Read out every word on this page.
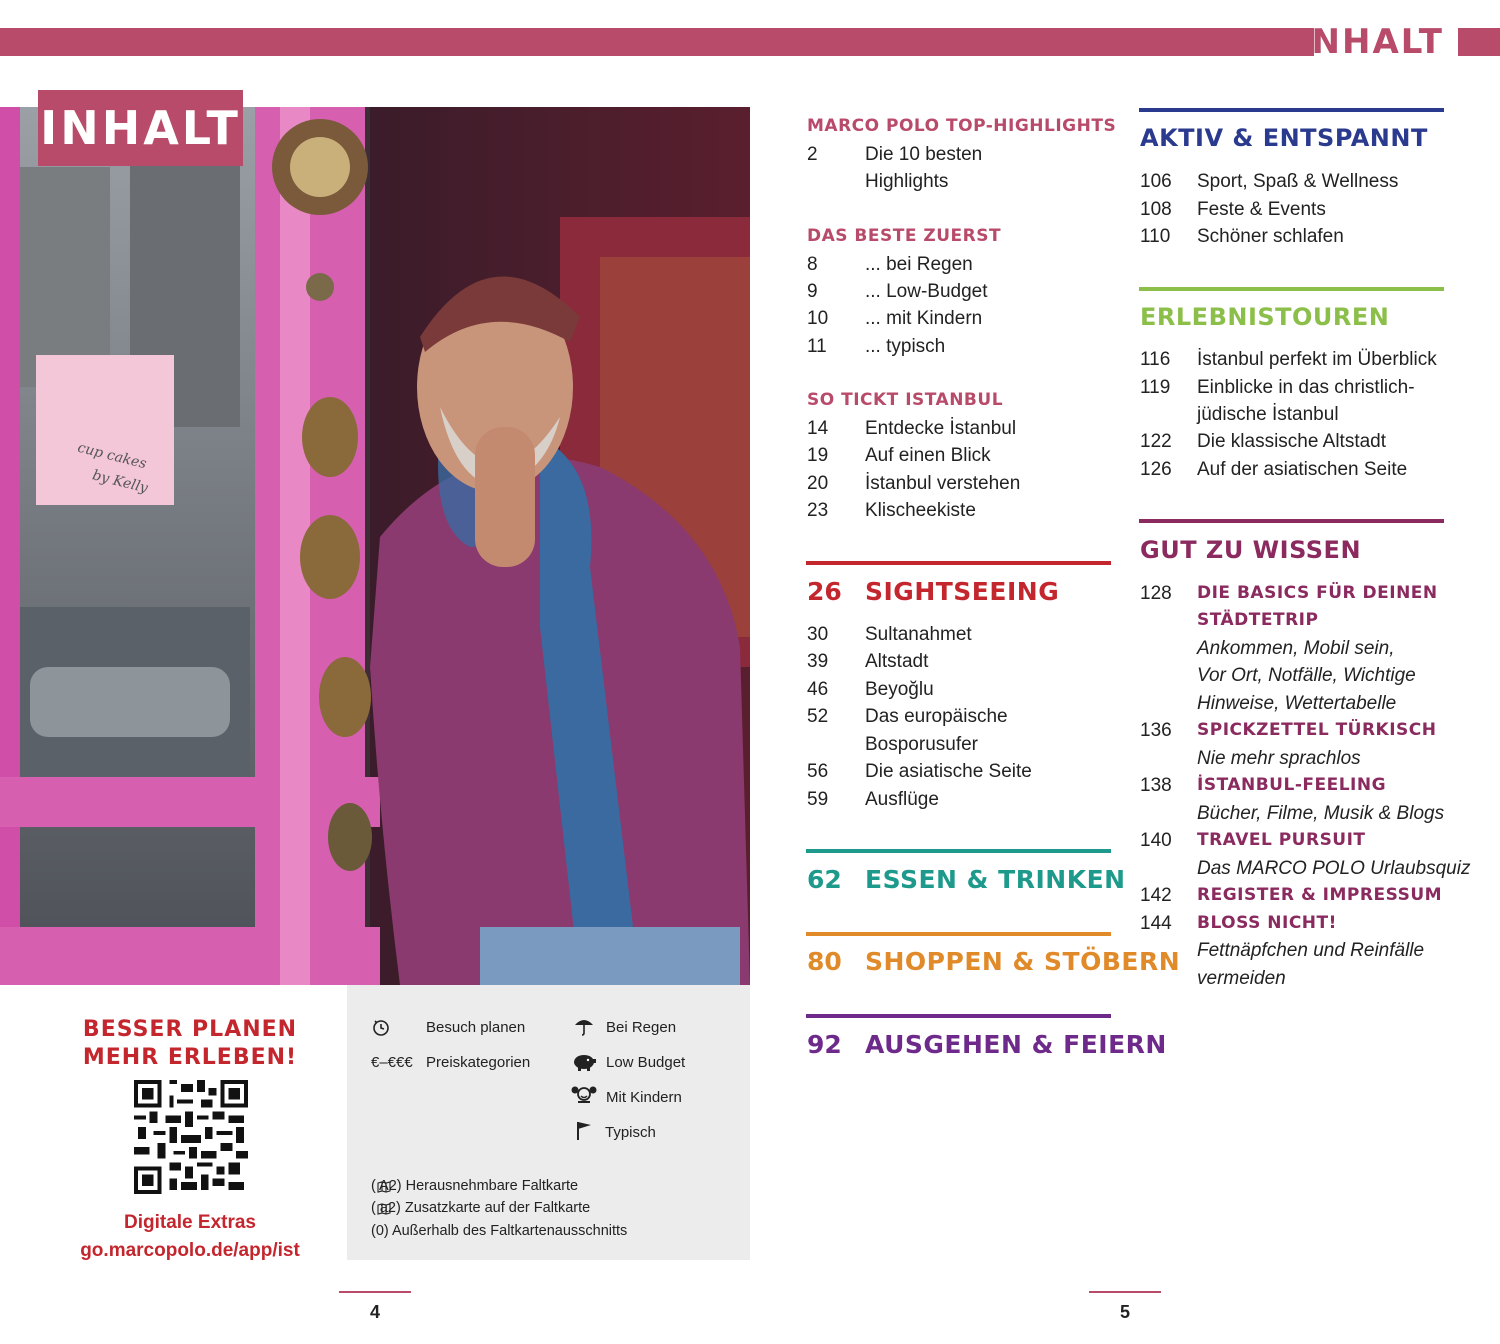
INHALT
INHALT
cup cakes
by Kelly
BESSER PLANEN
MEHR ERLEBEN!
Digitale Extras
go.marcopolo.de/app/ist
Besuch planen
€–€€€ Preiskategorien
Bei Regen
Low Budget
Mit Kindern
Typisch
( A2) Herausnehmbare Faltkarte
( a2) Zusatzkarte auf der Faltkarte
(0) Außerhalb des Faltkartenausschnitts
MARCO POLO TOP-HIGHLIGHTS
2 Die 10 besten
Highlights
DAS BESTE ZUERST
8 ... bei Regen
9 ... Low-Budget
10 ... mit Kindern
11 ... typisch
SO TICKT ISTANBUL
14 Entdecke İstanbul
19 Auf einen Blick
20 İstanbul verstehen
23 Klischeekiste
26 SIGHTSEEING
30 Sultanahmet
39 Altstadt
46 Beyoğlu
52 Das europäische
Bosporusufer
56 Die asiatische Seite
59 Ausflüge
62 ESSEN & TRINKEN
80 SHOPPEN & STÖBERN
92 AUSGEHEN & FEIERN
AKTIV & ENTSPANNT
106 Sport, Spaß & Wellness
108 Feste & Events
110 Schöner schlafen
ERLEBNISTOUREN
116 İstanbul perfekt im Überblick
119 Einblicke in das christlich-
jüdische İstanbul
122 Die klassische Altstadt
126 Auf der asiatischen Seite
GUT ZU WISSEN
128 DIE BASICS FÜR DEINEN
STÄDTETRIP
Ankommen, Mobil sein,
Vor Ort, Notfälle, Wichtige
Hinweise, Wettertabelle
136 SPICKZETTEL TÜRKISCH
Nie mehr sprachlos
138 İSTANBUL-FEELING
Bücher, Filme, Musik & Blogs
140 TRAVEL PURSUIT
Das MARCO POLO Urlaubsquiz
142 REGISTER & IMPRESSUM
144 BLOSS NICHT!
Fettnäpfchen und Reinfälle
vermeiden
4	5
